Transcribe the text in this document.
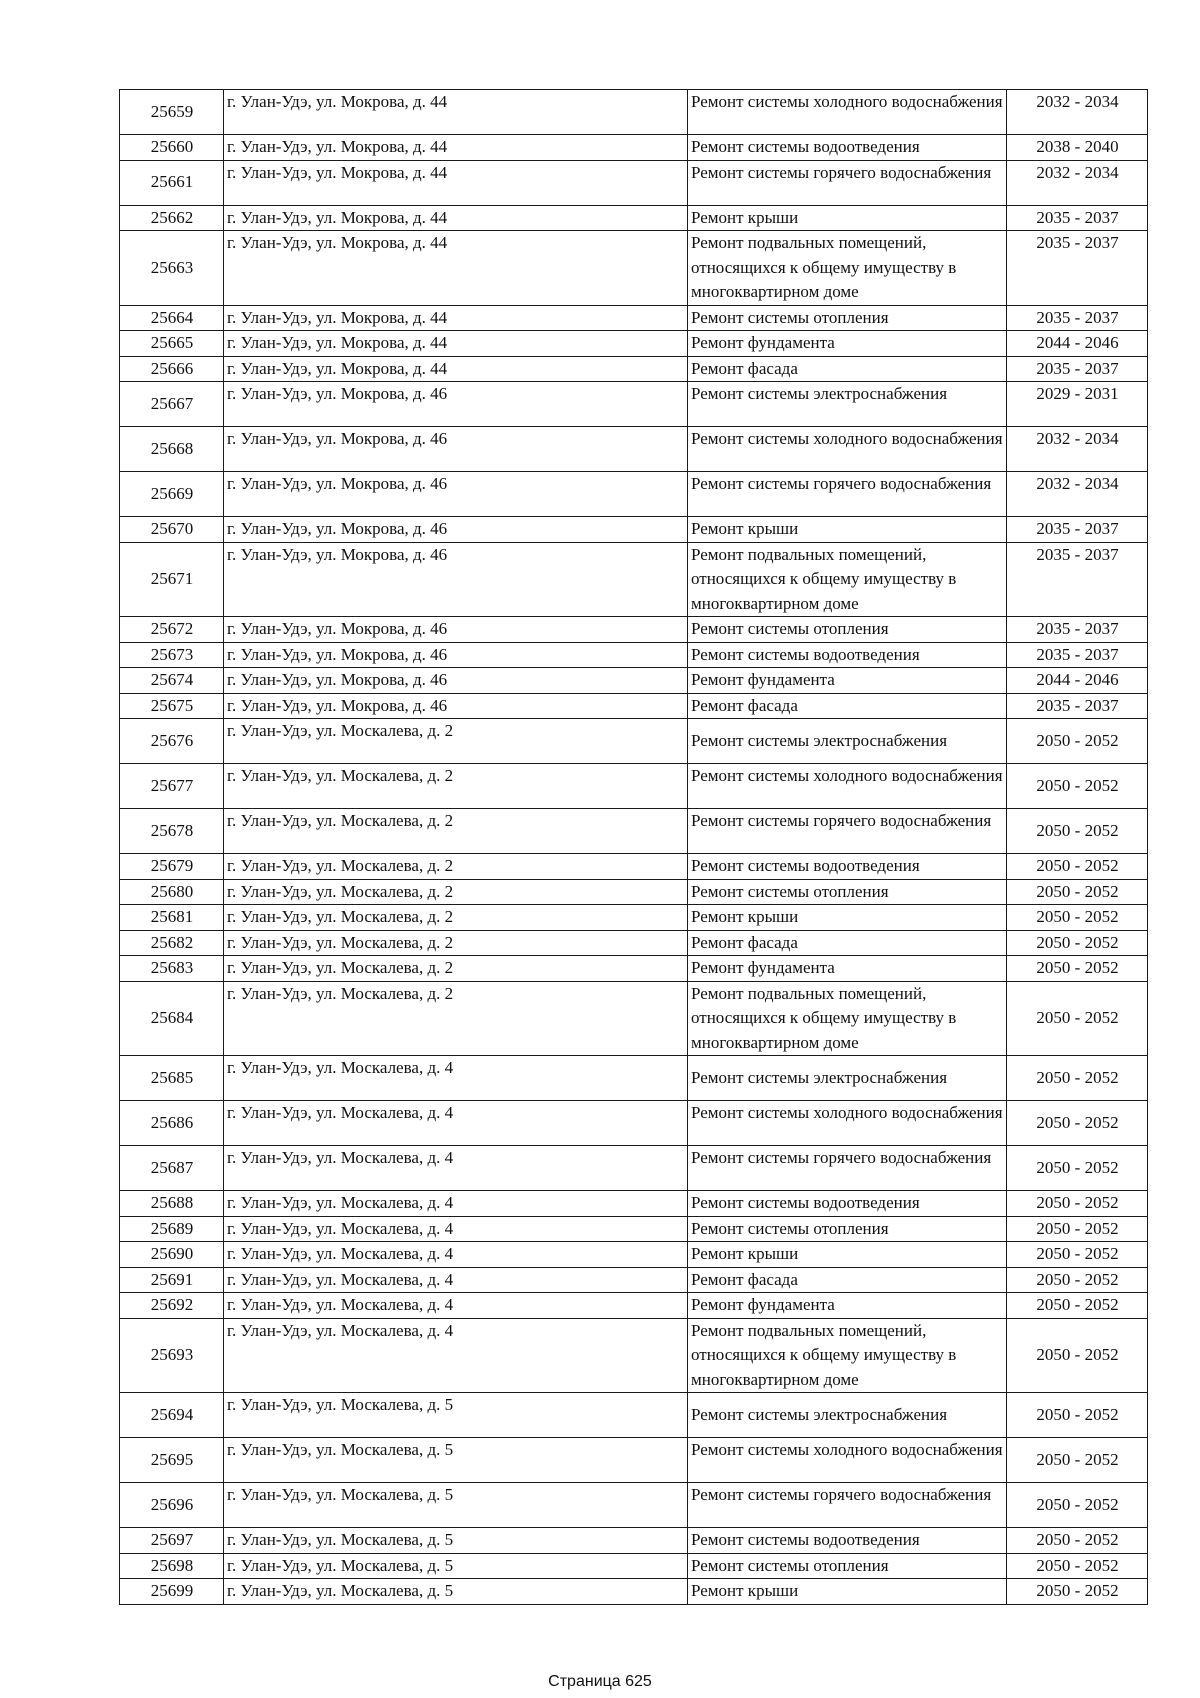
25659	г. Улан-Удэ, ул. Мокрова, д. 44	Ремонт системы холодного водоснабжения	2032 - 2034
25660	г. Улан-Удэ, ул. Мокрова, д. 44	Ремонт системы водоотведения	2038 - 2040
25661	г. Улан-Удэ, ул. Мокрова, д. 44	Ремонт системы горячего водоснабжения	2032 - 2034
25662	г. Улан-Удэ, ул. Мокрова, д. 44	Ремонт крыши	2035 - 2037
25663	г. Улан-Удэ, ул. Мокрова, д. 44	Ремонт подвальных помещений, относящихся к общему имуществу в многоквартирном доме	2035 - 2037
25664	г. Улан-Удэ, ул. Мокрова, д. 44	Ремонт системы отопления	2035 - 2037
25665	г. Улан-Удэ, ул. Мокрова, д. 44	Ремонт фундамента	2044 - 2046
25666	г. Улан-Удэ, ул. Мокрова, д. 44	Ремонт фасада	2035 - 2037
25667	г. Улан-Удэ, ул. Мокрова, д. 46	Ремонт системы электроснабжения	2029 - 2031
25668	г. Улан-Удэ, ул. Мокрова, д. 46	Ремонт системы холодного водоснабжения	2032 - 2034
25669	г. Улан-Удэ, ул. Мокрова, д. 46	Ремонт системы горячего водоснабжения	2032 - 2034
25670	г. Улан-Удэ, ул. Мокрова, д. 46	Ремонт крыши	2035 - 2037
25671	г. Улан-Удэ, ул. Мокрова, д. 46	Ремонт подвальных помещений, относящихся к общему имуществу в многоквартирном доме	2035 - 2037
25672	г. Улан-Удэ, ул. Мокрова, д. 46	Ремонт системы отопления	2035 - 2037
25673	г. Улан-Удэ, ул. Мокрова, д. 46	Ремонт системы водоотведения	2035 - 2037
25674	г. Улан-Удэ, ул. Мокрова, д. 46	Ремонт фундамента	2044 - 2046
25675	г. Улан-Удэ, ул. Мокрова, д. 46	Ремонт фасада	2035 - 2037
25676	г. Улан-Удэ, ул. Москалева, д. 2	Ремонт системы электроснабжения	2050 - 2052
25677	г. Улан-Удэ, ул. Москалева, д. 2	Ремонт системы холодного водоснабжения	2050 - 2052
25678	г. Улан-Удэ, ул. Москалева, д. 2	Ремонт системы горячего водоснабжения	2050 - 2052
25679	г. Улан-Удэ, ул. Москалева, д. 2	Ремонт системы водоотведения	2050 - 2052
25680	г. Улан-Удэ, ул. Москалева, д. 2	Ремонт системы отопления	2050 - 2052
25681	г. Улан-Удэ, ул. Москалева, д. 2	Ремонт крыши	2050 - 2052
25682	г. Улан-Удэ, ул. Москалева, д. 2	Ремонт фасада	2050 - 2052
25683	г. Улан-Удэ, ул. Москалева, д. 2	Ремонт фундамента	2050 - 2052
25684	г. Улан-Удэ, ул. Москалева, д. 2	Ремонт подвальных помещений, относящихся к общему имуществу в многоквартирном доме	2050 - 2052
25685	г. Улан-Удэ, ул. Москалева, д. 4	Ремонт системы электроснабжения	2050 - 2052
25686	г. Улан-Удэ, ул. Москалева, д. 4	Ремонт системы холодного водоснабжения	2050 - 2052
25687	г. Улан-Удэ, ул. Москалева, д. 4	Ремонт системы горячего водоснабжения	2050 - 2052
25688	г. Улан-Удэ, ул. Москалева, д. 4	Ремонт системы водоотведения	2050 - 2052
25689	г. Улан-Удэ, ул. Москалева, д. 4	Ремонт системы отопления	2050 - 2052
25690	г. Улан-Удэ, ул. Москалева, д. 4	Ремонт крыши	2050 - 2052
25691	г. Улан-Удэ, ул. Москалева, д. 4	Ремонт фасада	2050 - 2052
25692	г. Улан-Удэ, ул. Москалева, д. 4	Ремонт фундамента	2050 - 2052
25693	г. Улан-Удэ, ул. Москалева, д. 4	Ремонт подвальных помещений, относящихся к общему имуществу в многоквартирном доме	2050 - 2052
25694	г. Улан-Удэ, ул. Москалева, д. 5	Ремонт системы электроснабжения	2050 - 2052
25695	г. Улан-Удэ, ул. Москалева, д. 5	Ремонт системы холодного водоснабжения	2050 - 2052
25696	г. Улан-Удэ, ул. Москалева, д. 5	Ремонт системы горячего водоснабжения	2050 - 2052
25697	г. Улан-Удэ, ул. Москалева, д. 5	Ремонт системы водоотведения	2050 - 2052
25698	г. Улан-Удэ, ул. Москалева, д. 5	Ремонт системы отопления	2050 - 2052
25699	г. Улан-Удэ, ул. Москалева, д. 5	Ремонт крыши	2050 - 2052
Страница 625
